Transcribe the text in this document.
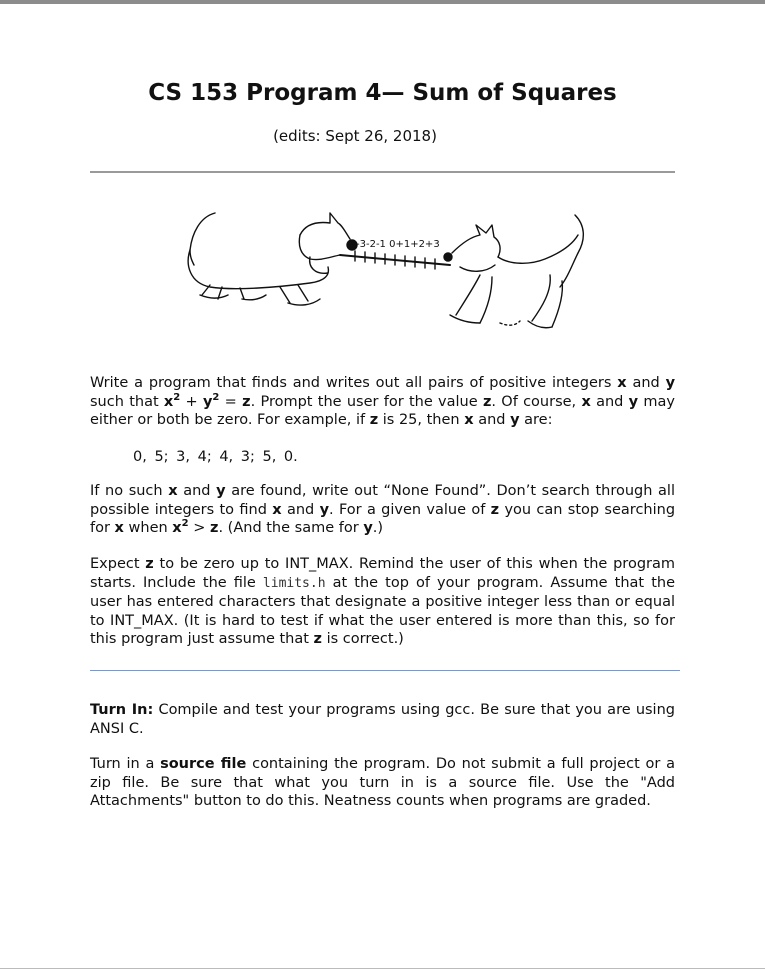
CS 153 Program 4— Sum of Squares
(edits: Sept 26, 2018)
-3-2-1 0+1+2+3

Write a program that finds and writes out all pairs of positive integers x and y such that $x^2 + y^2 = z$. Prompt the user for the value z. Of course, x and y may either or both be zero. For example, if z is 25, then x and y are:

0, 5; 3, 4; 4, 3; 5, 0.

If no such x and y are found, write out “None Found”. Don’t search through all possible integers to find x and y. For a given value of z you can stop searching for x when $x^2 > z$. (And the same for y.)

Expect z to be zero up to INT_MAX. Remind the user of this when the program starts. Include the file limits.h at the top of your program. Assume that the user has entered characters that designate a positive integer less than or equal to INT_MAX. (It is hard to test if what the user entered is more than this, so for this program just assume that z is correct.)

Turn In: Compile and test your programs using gcc. Be sure that you are using ANSI C.

Turn in a source file containing the program. Do not submit a full project or a zip file. Be sure that what you turn in is a source file. Use the "Add Attachments" button to do this. Neatness counts when programs are graded.
